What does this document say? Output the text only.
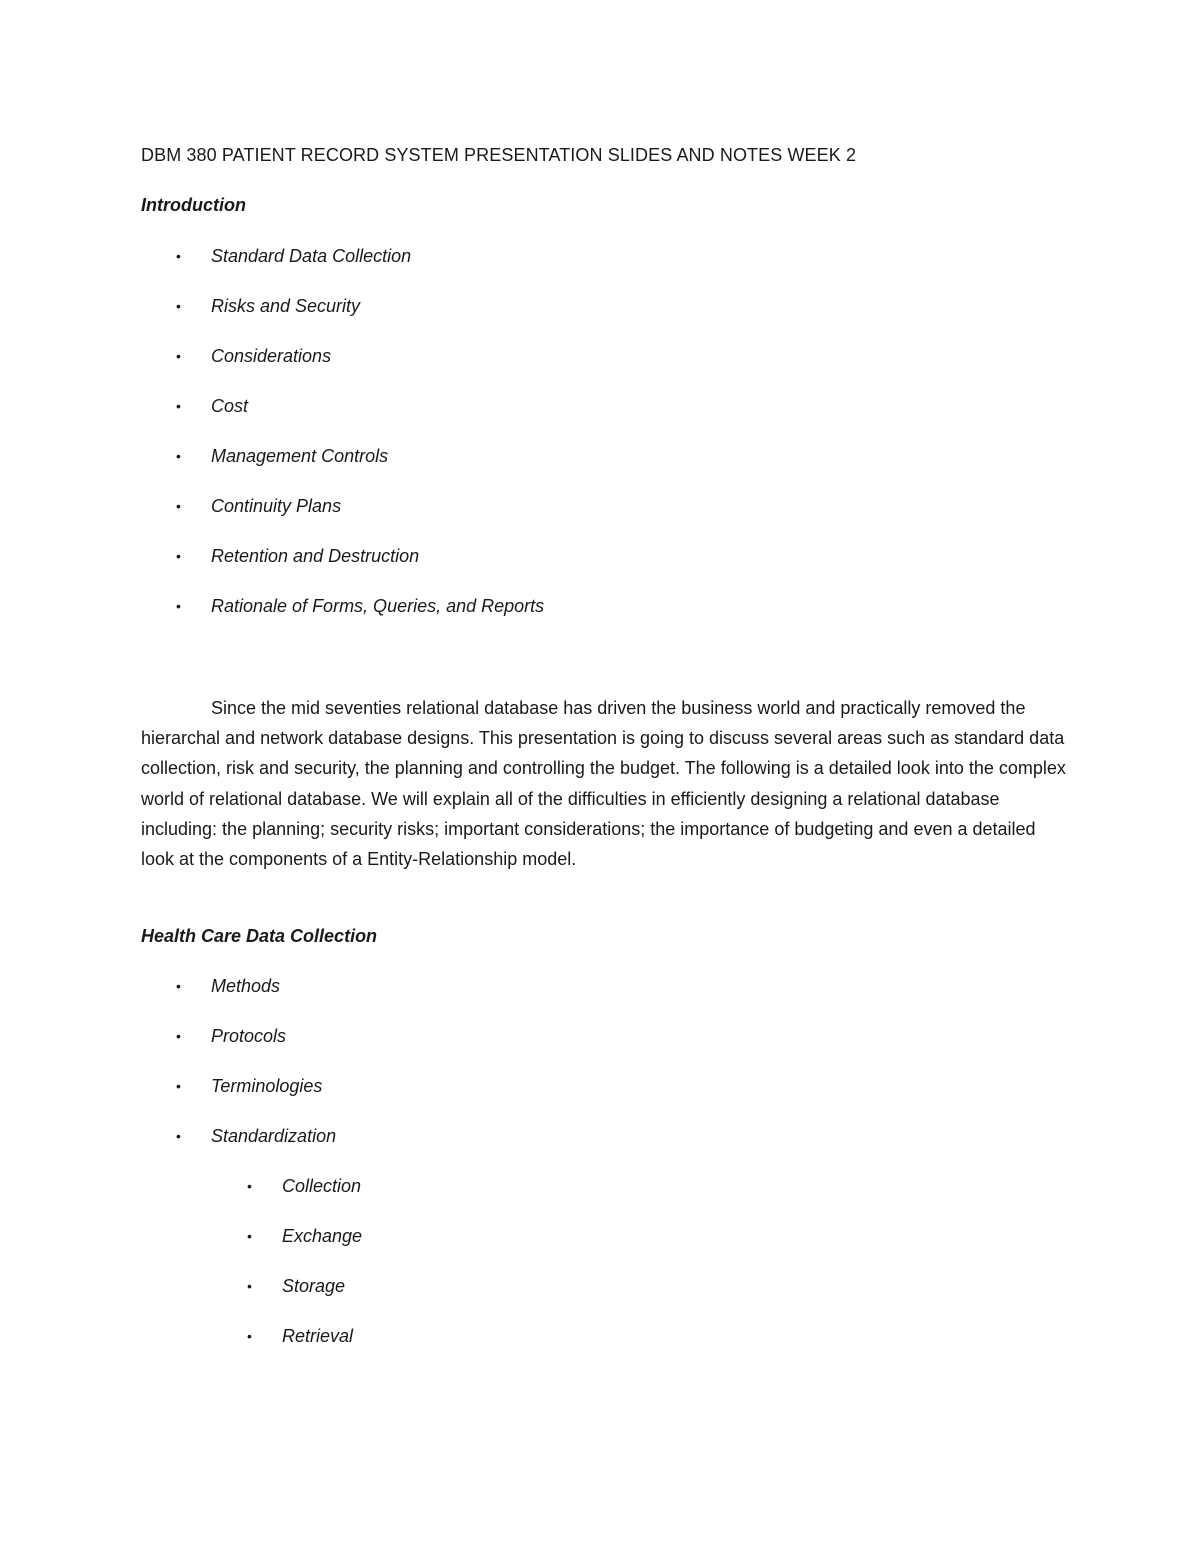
DBM 380 PATIENT RECORD SYSTEM PRESENTATION SLIDES AND NOTES WEEK 2
Introduction
• Standard Data Collection
• Risks and Security
• Considerations
• Cost
• Management Controls
• Continuity Plans
• Retention and Destruction
• Rationale of Forms, Queries, and Reports

Since the mid seventies relational database has driven the business world and practically removed the hierarchal and network database designs. This presentation is going to discuss several areas such as standard data collection, risk and security, the planning and controlling the budget. The following is a detailed look into the complex world of relational database. We will explain all of the difficulties in efficiently designing a relational database including: the planning; security risks; important considerations; the importance of budgeting and even a detailed look at the components of a Entity-Relationship model.

Health Care Data Collection
• Methods
• Protocols
• Terminologies
• Standardization
• Collection
• Exchange
• Storage
• Retrieval
